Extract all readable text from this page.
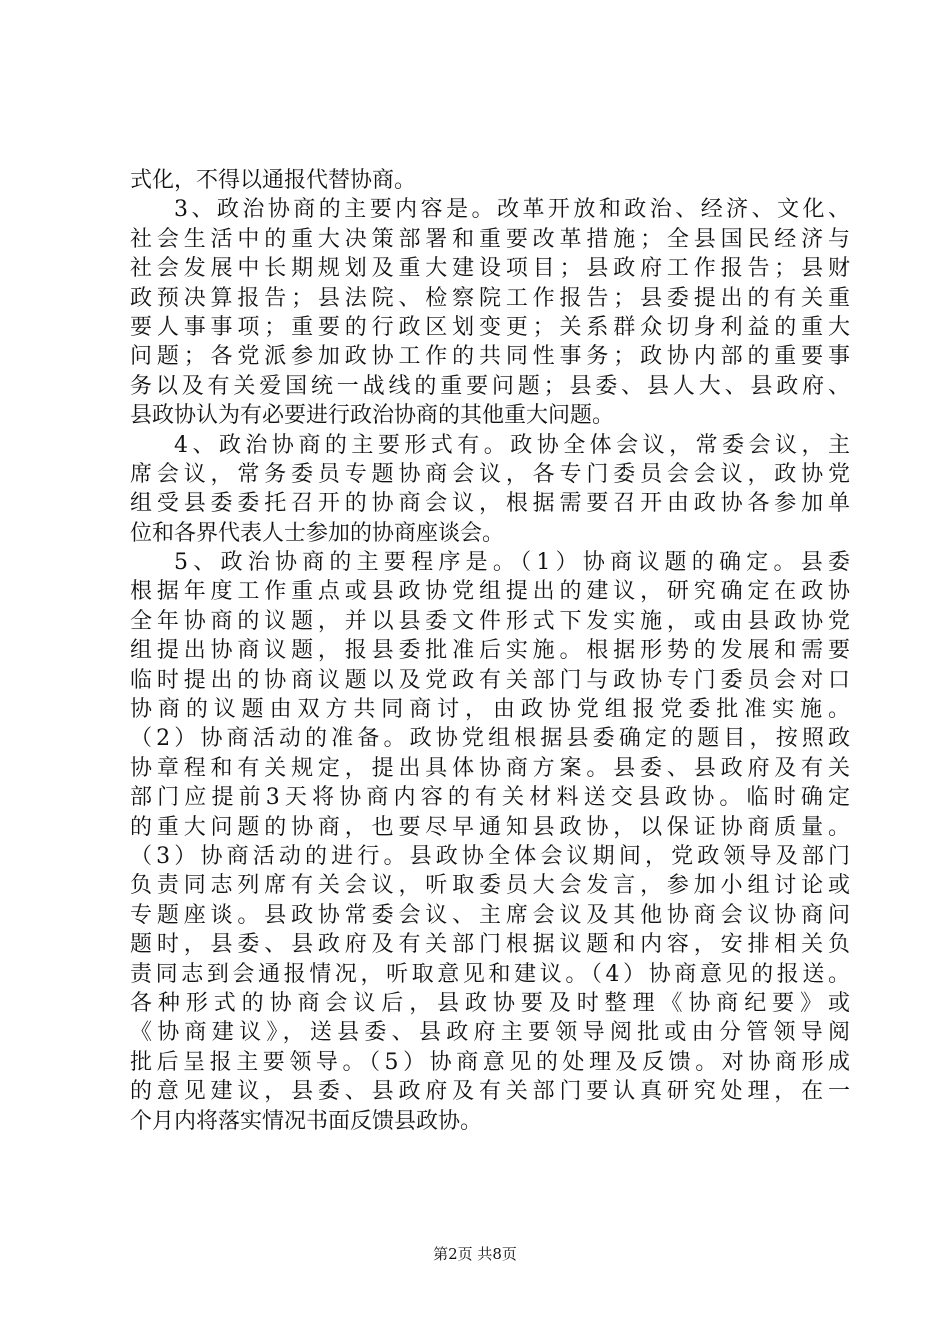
式化，不得以通报代替协商。
3、政治协商的主要内容是。改革开放和政治、经济、文化、
社会生活中的重大决策部署和重要改革措施；全县国民经济与
社会发展中长期规划及重大建设项目；县政府工作报告；县财
政预决算报告；县法院、检察院工作报告；县委提出的有关重
要人事事项；重要的行政区划变更；关系群众切身利益的重大
问题；各党派参加政协工作的共同性事务；政协内部的重要事
务以及有关爱国统一战线的重要问题；县委、县人大、县政府、
县政协认为有必要进行政治协商的其他重大问题。
4、政治协商的主要形式有。政协全体会议，常委会议，主
席会议，常务委员专题协商会议，各专门委员会会议，政协党
组受县委委托召开的协商会议，根据需要召开由政协各参加单
位和各界代表人士参加的协商座谈会。
5、政治协商的主要程序是。（1）协商议题的确定。县委
根据年度工作重点或县政协党组提出的建议，研究确定在政协
全年协商的议题，并以县委文件形式下发实施，或由县政协党
组提出协商议题，报县委批准后实施。根据形势的发展和需要
临时提出的协商议题以及党政有关部门与政协专门委员会对口
协商的议题由双方共同商讨，由政协党组报党委批准实施。
（2）协商活动的准备。政协党组根据县委确定的题目，按照政
协章程和有关规定，提出具体协商方案。县委、县政府及有关
部门应提前3天将协商内容的有关材料送交县政协。临时确定
的重大问题的协商，也要尽早通知县政协，以保证协商质量。
（3）协商活动的进行。县政协全体会议期间，党政领导及部门
负责同志列席有关会议，听取委员大会发言，参加小组讨论或
专题座谈。县政协常委会议、主席会议及其他协商会议协商问
题时，县委、县政府及有关部门根据议题和内容，安排相关负
责同志到会通报情况，听取意见和建议。（4）协商意见的报送。
各种形式的协商会议后，县政协要及时整理《协商纪要》或
《协商建议》，送县委、县政府主要领导阅批或由分管领导阅
批后呈报主要领导。（5）协商意见的处理及反馈。对协商形成
的意见建议，县委、县政府及有关部门要认真研究处理，在一
个月内将落实情况书面反馈县政协。
第2页 共8页
